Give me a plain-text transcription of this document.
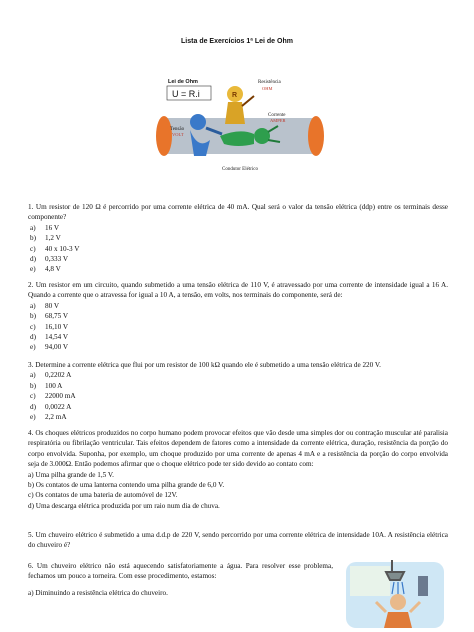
Lista de Exercícios 1ª Lei de Ohm
Lei de Ohm
U = R.i
Resistência
OHM
R
Tensão
VOLT
Corrente
AMPER
Condutor Elétrico

1. Um resistor de 120 Ω é percorrido por uma corrente elétrica de 40 mA. Qual será o valor da tensão elétrica (ddp) entre os terminais desse componente?

a)	16 V
b)	1,2 V
c)	40 x 10-3 V
d)	0,333 V
e)	4,8 V

2. Um resistor em um circuito, quando submetido a uma tensão elétrica de 110 V, é atravessado por uma corrente de intensidade igual a 16 A. Quando a corrente que o atravessa for igual a 10 A, a tensão, em volts, nos terminais do componente, será de:

a)	80 V
b)	68,75 V
c)	16,10 V
d)	14,54 V
e)	94,00 V

3. Determine a corrente elétrica que flui por um resistor de 100 kΩ quando ele é submetido a uma tensão elétrica de 220 V.

a)	0,2202 A
b)	100 A
c)	22000 mA
d)	0,0022 A
e)	2,2 mA

4. Os choques elétricos produzidos no corpo humano podem provocar efeitos que vão desde uma simples dor ou contração muscular até paralisia respiratória ou fibrilação ventricular. Tais efeitos dependem de fatores como a intensidade da corrente elétrica, duração, resistência da porção do corpo envolvida. Suponha, por exemplo, um choque produzido por uma corrente de apenas 4 mA e a resistência da porção do corpo envolvida seja de 3.000Ω. Então podemos afirmar que o choque elétrico pode ter sido devido ao contato com:

a) Uma pilha grande de 1,5 V.
b) Os contatos de uma lanterna contendo uma pilha grande de 6,0 V.
c) Os contatos de uma bateria de automóvel de 12V.
d) Uma descarga elétrica produzida por um raio num dia de chuva.

5. Um chuveiro elétrico é submetido a uma d.d.p de 220 V, sendo percorrido por uma corrente elétrica de intensidade 10A. A resistência elétrica do chuveiro é?

6. Um chuveiro elétrico não está aquecendo satisfatoriamente a água. Para resolver esse problema, fechamos um pouco a torneira. Com esse procedimento, estamos:

a) Diminuindo a resistência elétrica do chuveiro.
